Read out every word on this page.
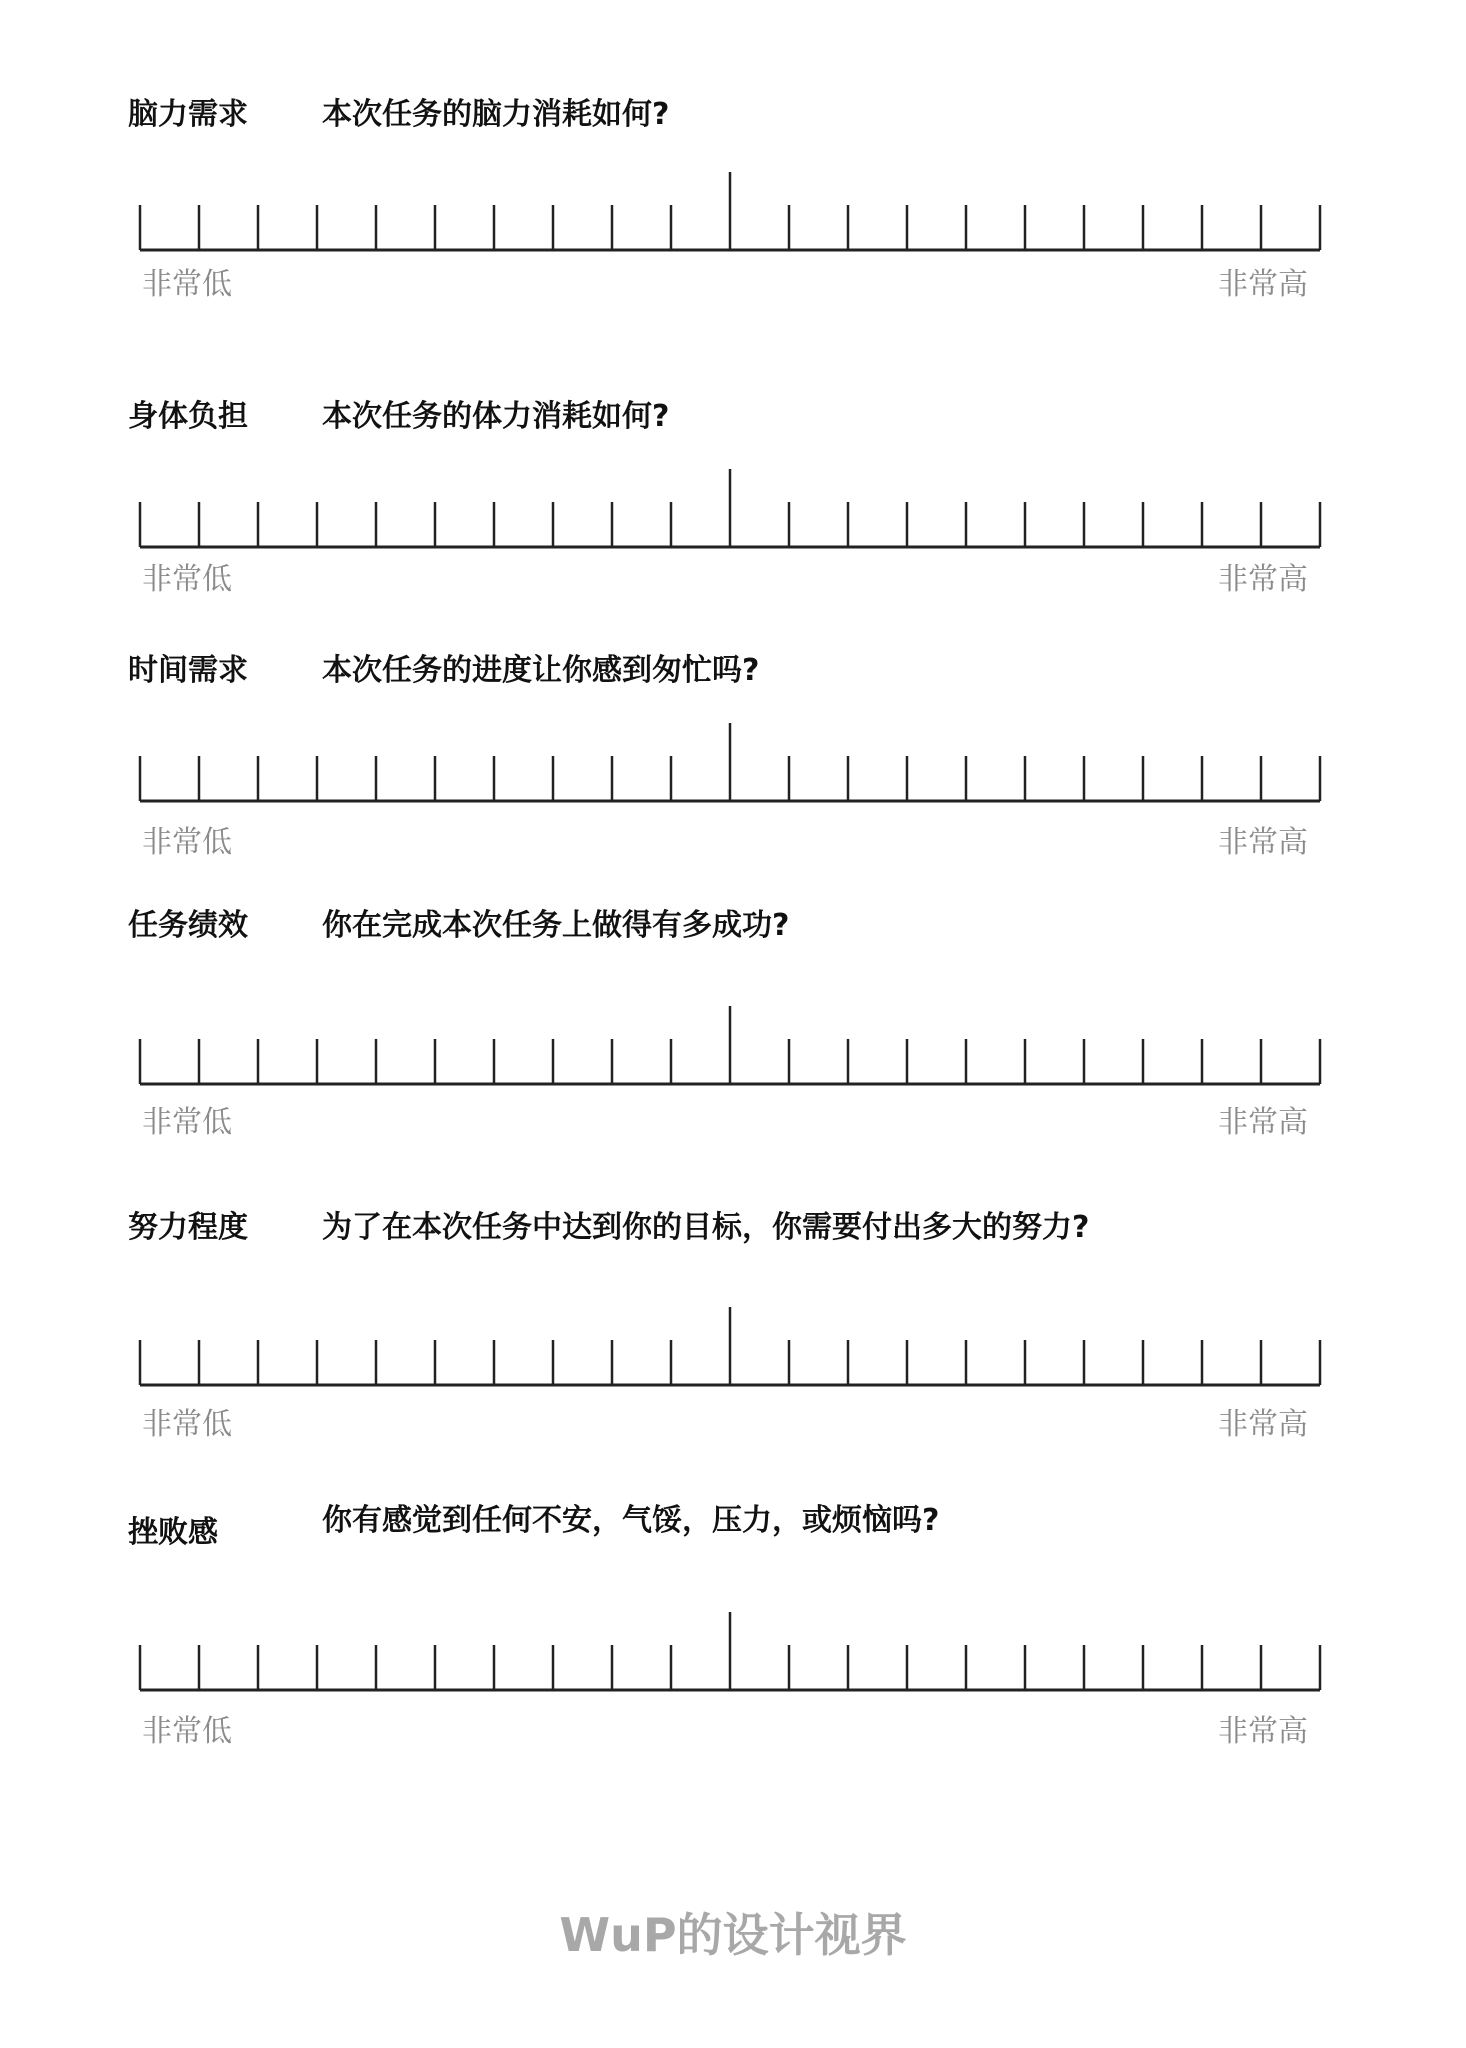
脑力需求 本次任务的脑力消耗如何?
非常低	非常高
身体负担 本次任务的体力消耗如何?
非常低	非常高
时间需求 本次任务的进度让你感到匆忙吗?
非常低	非常高
任务绩效 你在完成本次任务上做得有多成功?
非常低	非常高
努力程度 为了在本次任务中达到你的目标，你需要付出多大的努力?
非常低	非常高
挫败感	你有感觉到任何不安，气馁，压力，或烦恼吗?
非常低	非常高
WuP的设计视界
